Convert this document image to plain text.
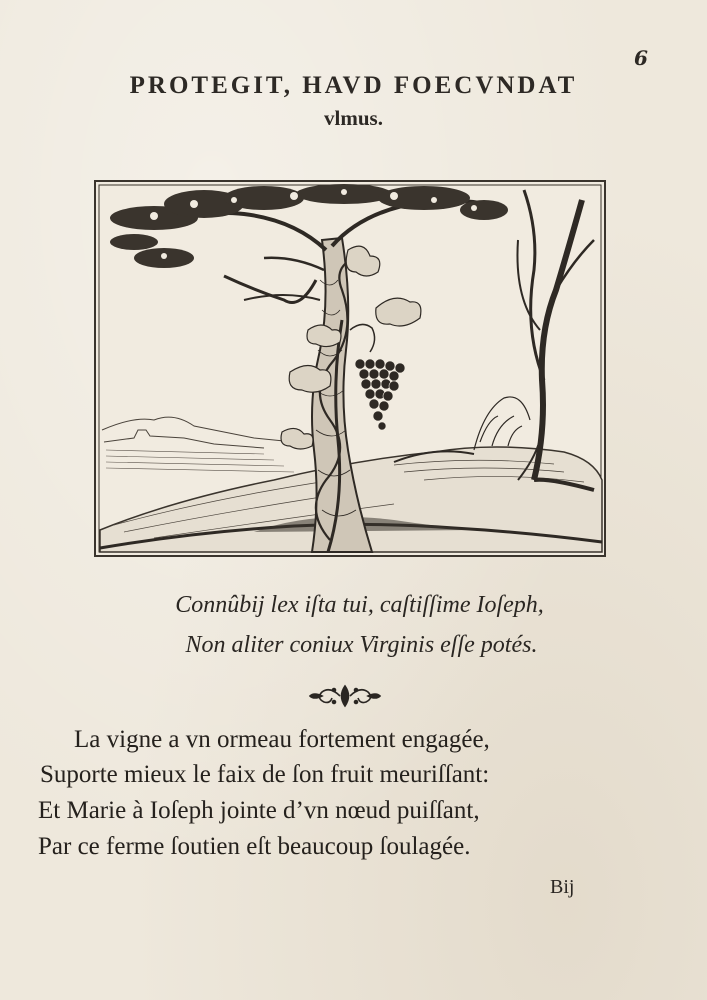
6
PROTEGIT, HAVD FOECVNDAT
vlmus.
Connûbij lex iſta tui, caſtiſſime Ioſeph,
Non aliter coniux Virginis eſſe potés.
La vigne a vn ormeau fortement engagée,
Suporte mieux le faix de ſon fruit meuriſſant:
Et Marie à Ioſeph jointe d’vn nœud puiſſant,
Par ce ferme ſoutien eſt beaucoup ſoulagée.
Bij
